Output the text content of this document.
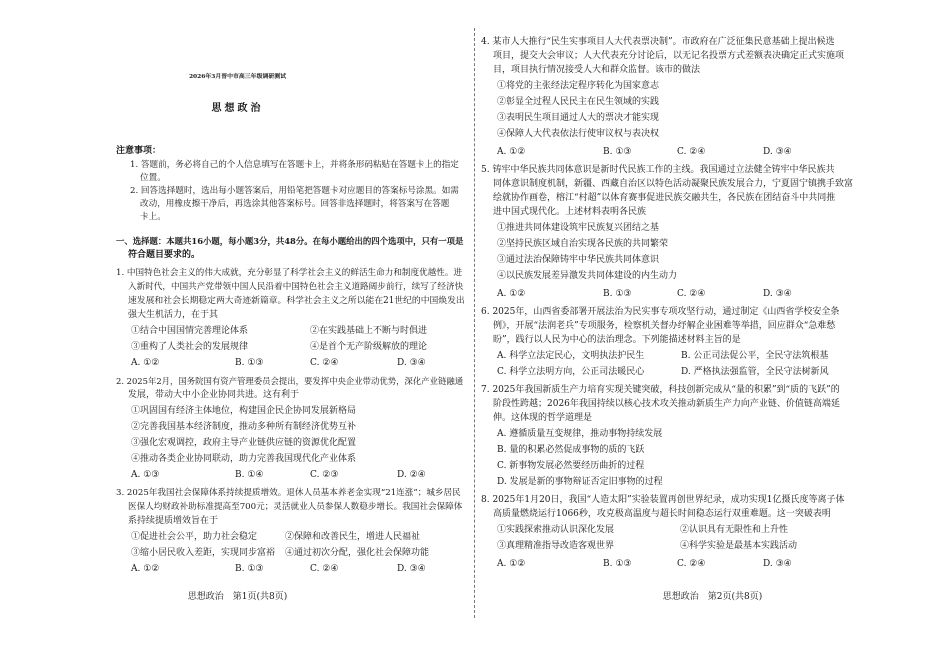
2026年3月晋中市高三年级调研测试
思想政治
注意事项：
1. 答题前，务必将自己的个人信息填写在答题卡上，并将条形码粘贴在答题卡上的指定
位置。
2. 回答选择题时，选出每小题答案后，用铅笔把答题卡对应题目的答案标号涂黑。如需
改动，用橡皮擦干净后，再选涂其他答案标号。回答非选择题时，将答案写在答题
卡上。
一、选择题：本题共16小题，每小题3分，共48分。在每小题给出的四个选项中，只有一项是
符合题目要求的。
1. 中国特色社会主义的伟大成就，充分彰显了科学社会主义的鲜活生命力和制度优越性。进
入新时代，中国共产党带领中国人民沿着中国特色社会主义道路阔步前行，续写了经济快
速发展和社会长期稳定两大奇迹新篇章。科学社会主义之所以能在21世纪的中国焕发出
强大生机活力，在于其
①结合中国国情完善理论体系	②在实践基础上不断与时俱进
③重构了人类社会的发展规律	④是首个无产阶级解放的理论
A. ①②	B. ①③	C. ②④	D. ③④
2. 2025年2月，国务院国有资产管理委员会提出，要发挥中央企业带动优势，深化产业链融通
发展，带动大中小企业协同共进。这有利于
①巩固国有经济主体地位，构建国企民企协同发展新格局
②完善我国基本经济制度，推动多种所有制经济优势互补
③强化宏观调控，政府主导产业链供应链的资源优化配置
④推动各类企业协同联动，助力完善我国现代化产业体系
A. ①③	B. ①④	C. ②③	D. ②④
3. 2025年我国社会保障体系持续提质增效。退休人员基本养老金实现“21连涨”；城乡居民
医保人均财政补助标准提高至700元；灵活就业人员参保人数稳步增长。我国社会保障体
系持续提质增效旨在于
①促进社会公平，助力社会稳定	②保障和改善民生，增进人民福祉
③缩小居民收入差距，实现同步富裕 ④通过初次分配，强化社会保障功能
A. ①②	B. ①③	C. ②④	D. ③④
思想政治　第1页(共8页)
4. 某市人大推行“民生实事项目人大代表票决制”。市政府在广泛征集民意基础上提出候选
项目，提交大会审议；人大代表充分讨论后，以无记名投票方式差额表决确定正式实施项
目，项目执行情况接受人大和群众监督。该市的做法
①将党的主张经法定程序转化为国家意志
②彰显全过程人民民主在民生领域的实践
③表明民生项目通过人大的票决才能实现
④保障人大代表依法行使审议权与表决权
A. ①②	B. ①③	C. ②④	D. ③④
5. 铸牢中华民族共同体意识是新时代民族工作的主线。我国通过立法健全铸牢中华民族共
同体意识制度机制，新疆、西藏自治区以特色活动凝聚民族发展合力，宁夏固宁镇携手致富
绘就协作画卷，榕江“村超”以体育赛事促进民族交融共生，各民族在团结奋斗中共同推
进中国式现代化。上述材料表明各民族
①推进共同体建设筑牢民族复兴团结之基
②坚持民族区域自治实现各民族的共同繁荣
③通过法治保障铸牢中华民族共同体意识
④以民族发展差异激发共同体建设的内生动力
A. ①②	B. ①③	C. ②④	D. ③④
6. 2025年，山西省委部署开展法治为民实事专项攻坚行动，通过制定《山西省学校安全条
例》，开展“法润老兵”专项服务，检察机关督办纾解企业困难等举措，回应群众“急难愁
盼”，践行以人民为中心的法治理念。下列能描述材料主旨的是
A. 科学立法定民心，文明执法护民生	B. 公正司法促公平，全民守法筑根基
C. 科学立法明方向，公正司法暖民心	D. 严格执法强监管，全民守法树新风
7. 2025年我国新质生产力培育实现关键突破，科技创新完成从“量的积累”到“质的飞跃”的
阶段性跨越；2026年我国持续以核心技术攻关推动新质生产力向产业链、价值链高端延
伸。这体现的哲学道理是
A. 遵循质量互变规律，推动事物持续发展
B. 量的积累必然促成事物的质的飞跃
C. 新事物发展必然要经历曲折的过程
D. 发展是新的事物辩证否定旧事物的过程
8. 2025年1月20日，我国“人造太阳”实验装置再创世界纪录，成功实现1亿摄氏度等离子体
高质量燃烧运行1066秒，攻克极高温度与超长时间稳态运行双重难题。这一突破表明
①实践探索推动认识深化发展	②认识具有无限性和上升性
③真理精准指导改造客观世界	④科学实验是最基本实践活动
A. ①②	B. ①③	C. ②④	D. ③④
思想政治　第2页(共8页)
